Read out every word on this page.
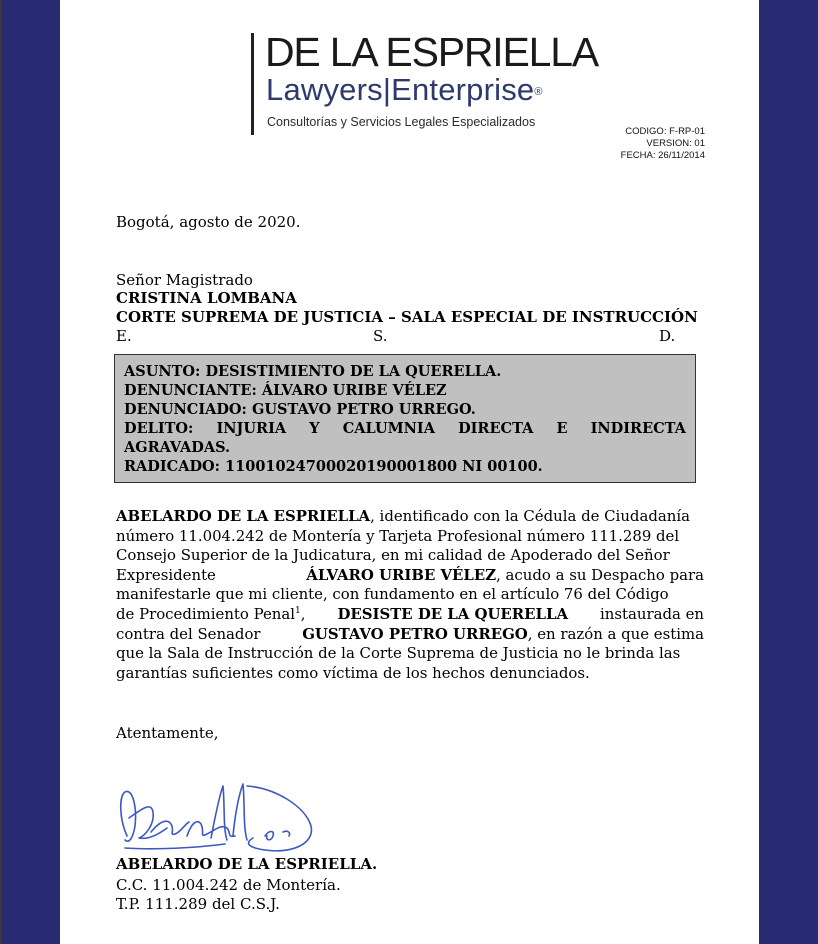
DE LA ESPRIELLA
Lawyers|Enterprise®
Consultorías y Servicios Legales Especializados
CODIGO: F-RP-01
VERSION: 01
FECHA: 26/11/2014
Bogotá, agosto de 2020.
Señor Magistrado
CRISTINA LOMBANA
CORTE SUPREMA DE JUSTICIA – SALA ESPECIAL DE INSTRUCCIÓN
E.	S.	D.
ASUNTO: DESISTIMIENTO DE LA QUERELLA.
DENUNCIANTE: ÁLVARO URIBE VÉLEZ
DENUNCIADO: GUSTAVO PETRO URREGO.
DELITO: INJURIA Y CALUMNIA DIRECTA E INDIRECTA
AGRAVADAS.
RADICADO: 11001024700020190001800 NI 00100.
ABELARDO DE LA ESPRIELLA, identificado con la Cédula de Ciudadanía
número 11.004.242 de Montería y Tarjeta Profesional número 111.289 del
Consejo Superior de la Judicatura, en mi calidad de Apoderado del Señor
Expresidente	ÁLVARO URIBE VÉLEZ, acudo a su Despacho para
manifestarle que mi cliente, con fundamento en el artículo 76 del Código
de Procedimiento Penal$^1$, DESISTE DE LA QUERELLA instaurada en
contra del Senador	GUSTAVO PETRO URREGO, en razón a que estima
que la Sala de Instrucción de la Corte Suprema de Justicia no le brinda las
garantías suficientes como víctima de los hechos denunciados.
Atentamente,
ABELARDO DE LA ESPRIELLA.
C.C. 11.004.242 de Montería.
T.P. 111.289 del C.S.J.
